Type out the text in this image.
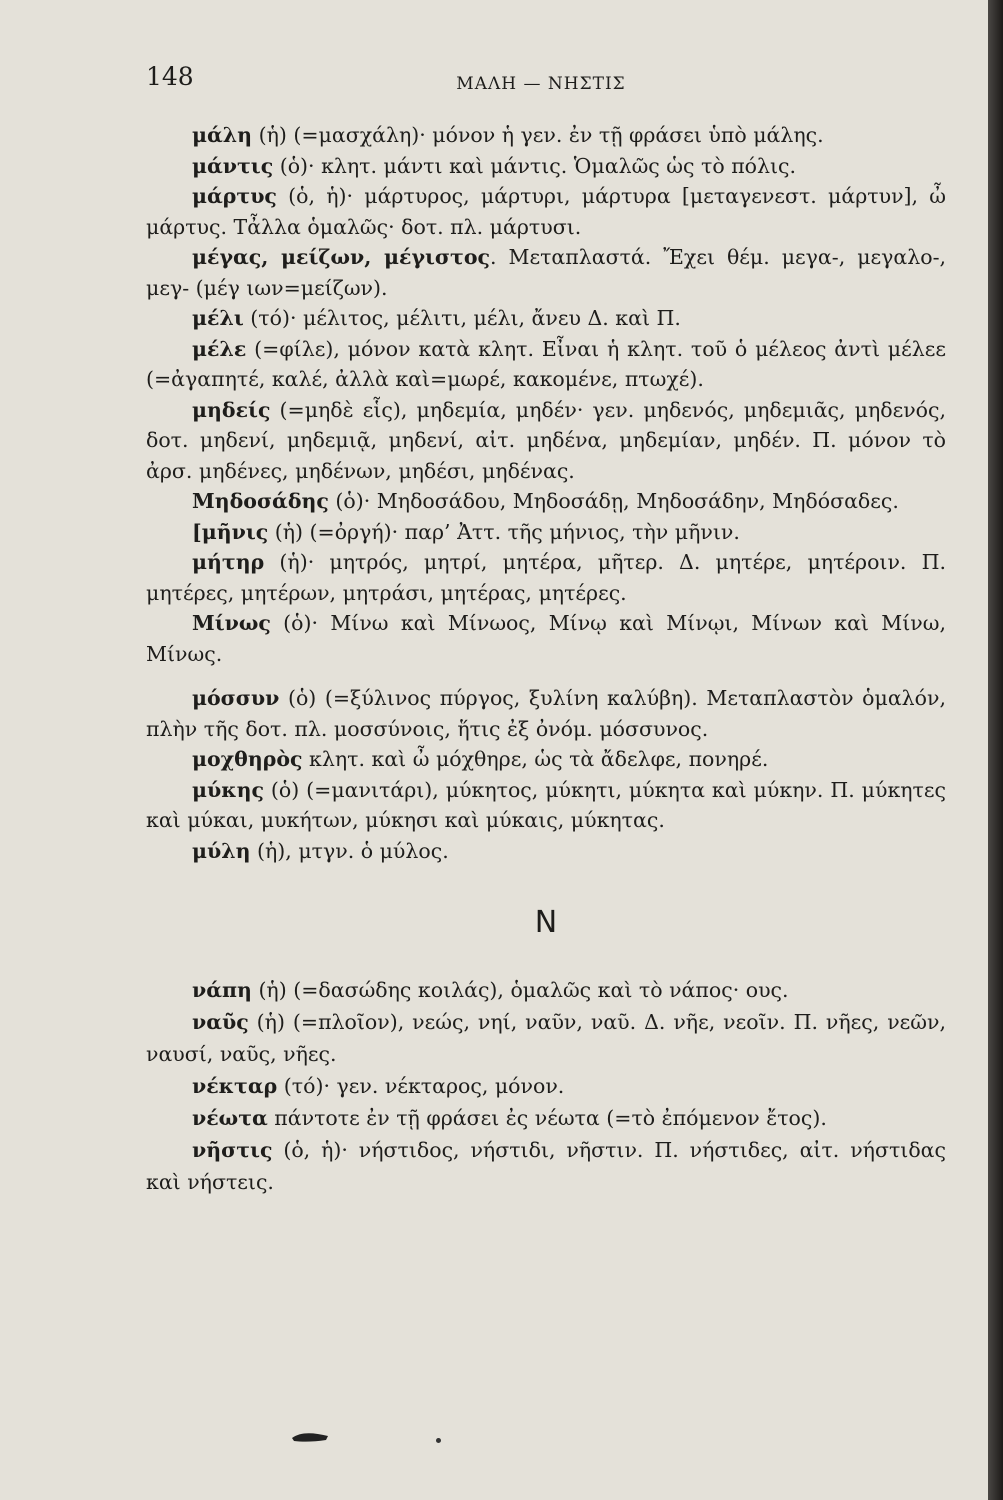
148	ΜΑΛΗ — ΝΗΣΤΙΣ

μάλη (ἡ) (=μασχάλη)· μόνον ἡ γεν. ἐν τῇ φράσει ὑπὸ μάλης.

μάντις (ὁ)· κλητ. μάντι καὶ μάντις. Ὁμαλῶς ὡς τὸ πόλις.

μάρτυς (ὁ, ἡ)· μάρτυρος, μάρτυρι, μάρτυρα [μεταγενεστ. μάρτυν], ὦ μάρτυς. Τἆλλα ὁμαλῶς· δοτ. πλ. μάρτυσι.

μέγας, μείζων, μέγιστος. Μεταπλαστά. Ἔχει θέμ. μεγα-, μεγαλο-, μεγ- (μέγ ιων=μείζων).

μέλι (τό)· μέλιτος, μέλιτι, μέλι, ἄνευ Δ. καὶ Π.

μέλε (=φίλε), μόνον κατὰ κλητ. Εἶναι ἡ κλητ. τοῦ ὁ μέλεος ἀντὶ μέλεε (=ἀγαπητέ, καλέ, ἀλλὰ καὶ=μωρέ, κακομένε, πτωχέ).

μηδείς (=μηδὲ εἷς), μηδεμία, μηδέν· γεν. μηδενός, μηδεμιᾶς, μηδενός, δοτ. μηδενί, μηδεμιᾷ, μηδενί, αἰτ. μηδένα, μηδεμίαν, μηδέν. Π. μόνον τὸ ἀρσ. μηδένες, μηδένων, μηδέσι, μηδένας.

Μηδοσάδης (ὁ)· Μηδοσάδου, Μηδοσάδῃ, Μηδοσάδην, Μηδόσαδες.

[μῆνις (ἡ) (=ὀργή)· παρ’ Ἀττ. τῆς μήνιος, τὴν μῆνιν.

μήτηρ (ἡ)· μητρός, μητρί, μητέρα, μῆτερ. Δ. μητέρε, μητέροιν. Π. μητέρες, μητέρων, μητράσι, μητέρας, μητέρες.

Μίνως (ὁ)· Μίνω καὶ Μίνωος, Μίνῳ καὶ Μίνῳι, Μίνων καὶ Μίνω, Μίνως.

μόσσυν (ὁ) (=ξύλινος πύργος, ξυλίνη καλύβη). Μεταπλαστὸν ὁμαλόν, πλὴν τῆς δοτ. πλ. μοσσύνοις, ἥτις ἐξ ὀνόμ. μόσσυνος.

μοχθηρὸς κλητ. καὶ ὦ μόχθηρε, ὡς τὰ ἄδελφε, πονηρέ.

μύκης (ὁ) (=μανιτάρι), μύκητος, μύκητι, μύκητα καὶ μύκην. Π. μύκητες καὶ μύκαι, μυκήτων, μύκησι καὶ μύκαις, μύκητας.

μύλη (ἡ), μτγν. ὁ μύλος.

N

νάπη (ἡ) (=δασώδης κοιλάς), ὁμαλῶς καὶ τὸ νάπος· ους.

ναῦς (ἡ) (=πλοῖον), νεώς, νηί, ναῦν, ναῦ. Δ. νῆε, νεοῖν. Π. νῆες, νεῶν, ναυσί, ναῦς, νῆες.

νέκταρ (τό)· γεν. νέκταρος, μόνον.

νέωτα πάντοτε ἐν τῇ φράσει ἐς νέωτα (=τὸ ἐπόμενον ἔτος).

νῆστις (ὁ, ἡ)· νήστιδος, νήστιδι, νῆστιν. Π. νήστιδες, αἰτ. νήστιδας καὶ νήστεις.
